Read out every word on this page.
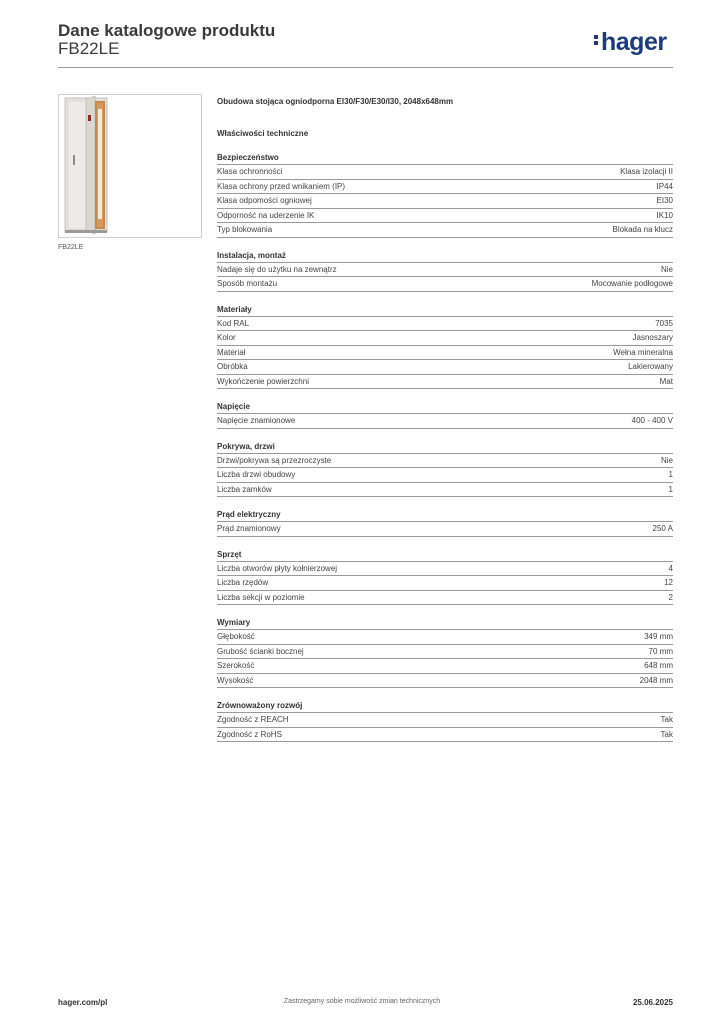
Dane katalogowe produktu
FB22LE	hager
FB22LE
Obudowa stojąca ogniodporna EI30/F30/E30/I30, 2048x648mm
Właściwości techniczne
Bezpieczeństwo
Klasa ochronności	Klasa izolacji II
Klasa ochrony przed wnikaniem (IP)	IP44
Klasa odpomości ogniowej	EI30
Odporność na uderzenie IK	IK10
Typ blokowania	Blokada na klucz
Instalacja, montaż
Nadaje się do użytku na zewnątrz	Nie
Sposób montażu	Mocowanie podłogowe
Materiały
Kod RAL	7035
Kolor	Jasnoszary
Materiał	Wełna mineralna
Obróbka	Lakierowany
Wykończenie powierzchni	Mat
Napięcie
Napięcie znamionowe	400 - 400 V
Pokrywa, drzwi
Drzwi/pokrywa są przezroczyste	Nie
Liczba drzwi obudowy	1
Liczba zamków	1
Prąd elektryczny
Prąd znamionowy	250 A
Sprzęt
Liczba otworów płyty kołnierzowej	4
Liczba rzędów	12
Liczba sekcji w poziomie	2
Wymiary
Głębokość	349 mm
Grubość ścianki bocznej	70 mm
Szerokość	648 mm
Wysokość	2048 mm
Zrównoważony rozwój
Zgodność z REACH	Tak
Zgodność z RoHS	Tak
hager.com/pl	Zastrzegamy sobie możliwość zmian technicznych	25.06.2025
